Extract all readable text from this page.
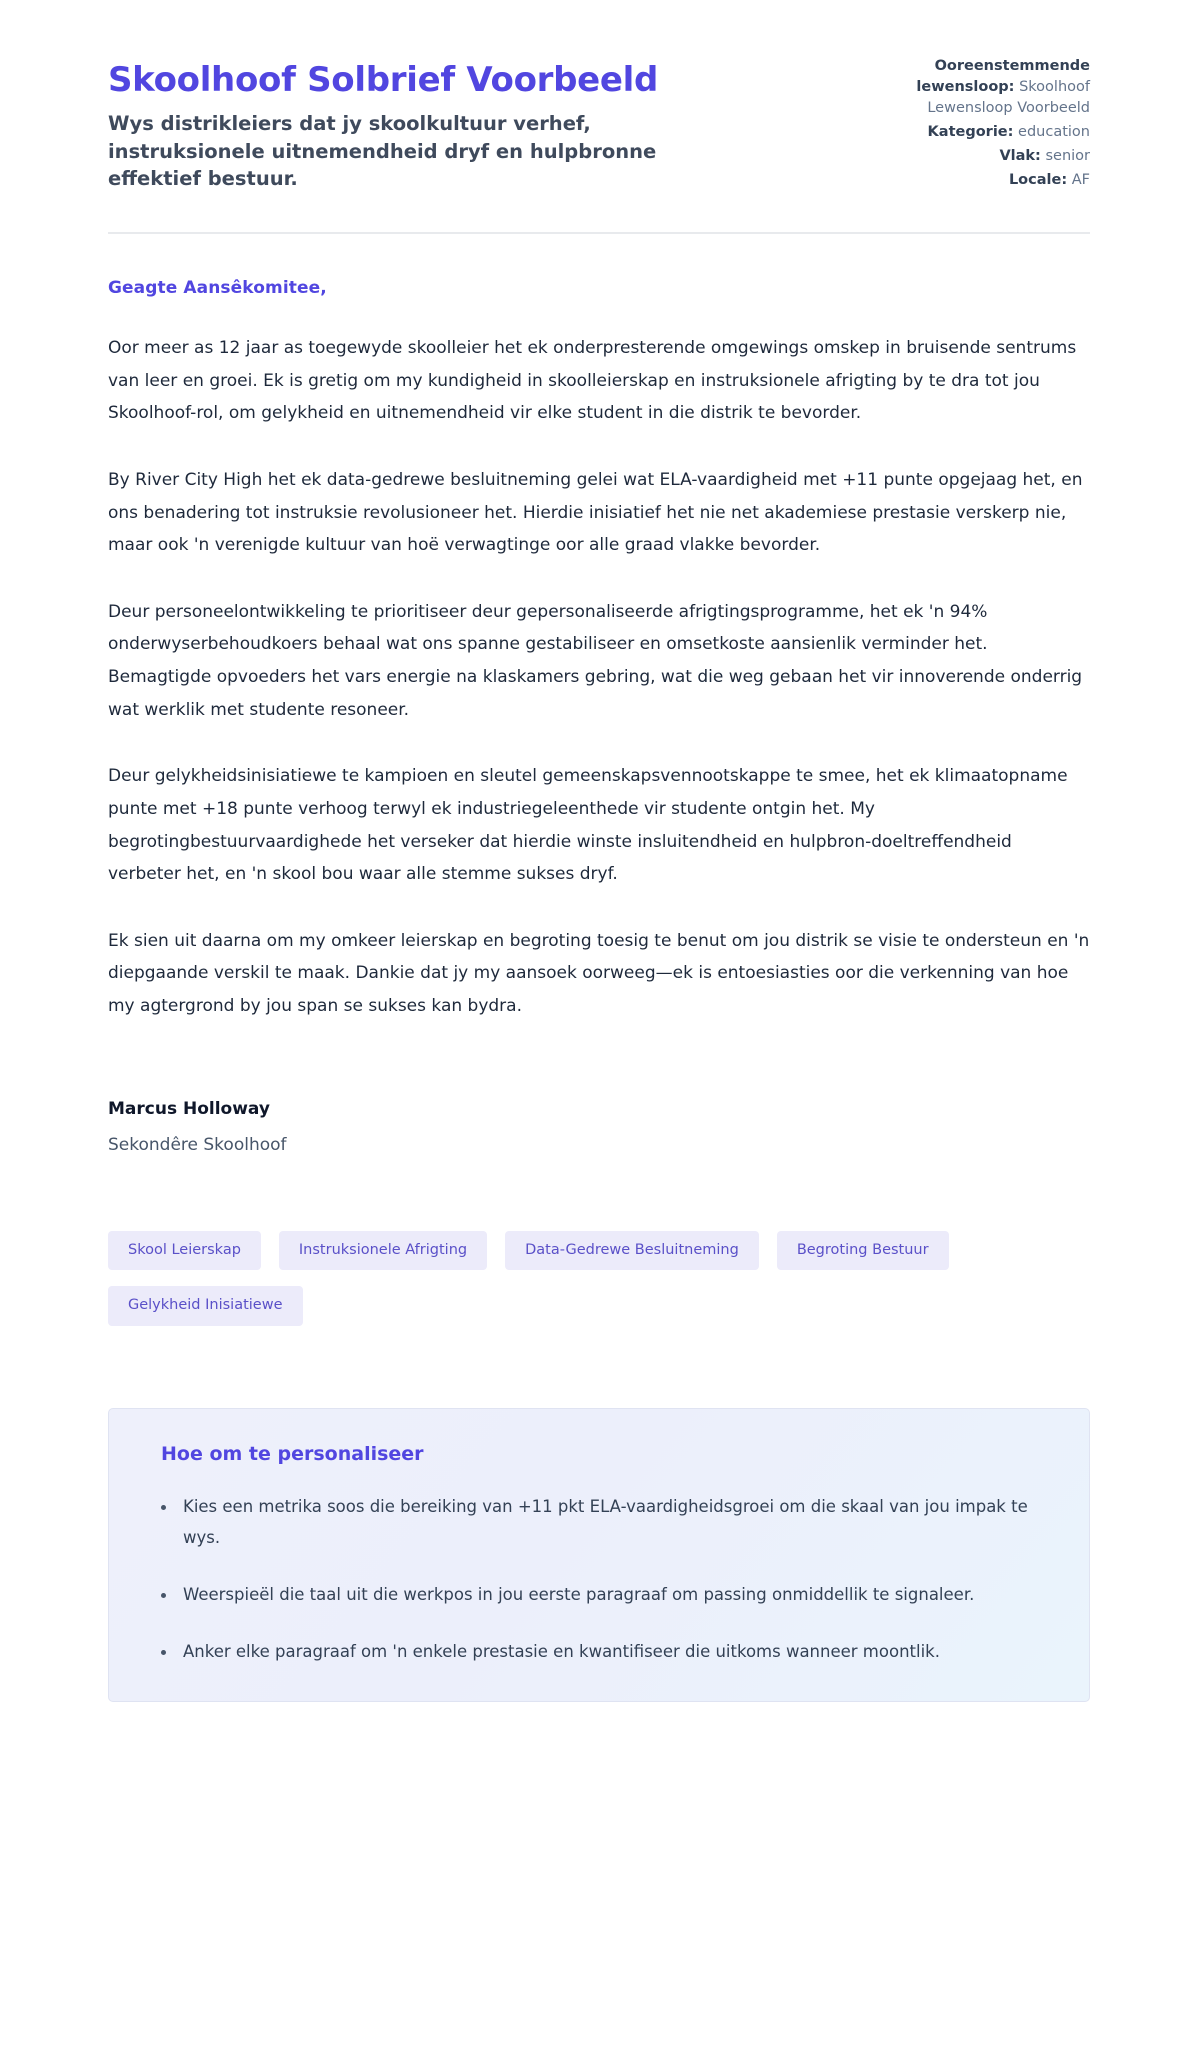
Skoolhoof Solbrief Voorbeeld

Wys distrikleiers dat jy skoolkultuur verhef, instruksionele uitnemendheid dryf en hulpbronne effektief bestuur.

Ooreenstemmende lewensloop: Skoolhoof Lewensloop Voorbeeld
Kategorie: education
Vlak: senior
Locale: AF

Geagte Aansêkomitee,

Oor meer as 12 jaar as toegewyde skoolleier het ek onderpresterende omgewings omskep in bruisende sentrums van leer en groei. Ek is gretig om my kundigheid in skoolleierskap en instruksionele afrigting by te dra tot jou Skoolhoof-rol, om gelykheid en uitnemendheid vir elke student in die distrik te bevorder.

By River City High het ek data-gedrewe besluitneming gelei wat ELA-vaardigheid met +11 punte opgejaag het, en ons benadering tot instruksie revolusioneer het. Hierdie inisiatief het nie net akademiese prestasie verskerp nie, maar ook 'n verenigde kultuur van hoë verwagtinge oor alle graad vlakke bevorder.

Deur personeelontwikkeling te prioritiseer deur gepersonaliseerde afrigtingsprogramme, het ek 'n 94% onderwyserbehoudkoers behaal wat ons spanne gestabiliseer en omsetkoste aansienlik verminder het. Bemagtigde opvoeders het vars energie na klaskamers gebring, wat die weg gebaan het vir innoverende onderrig wat werklik met studente resoneer.

Deur gelykheidsinisiatiewe te kampioen en sleutel gemeenskapsvennootskappe te smee, het ek klimaatopname punte met +18 punte verhoog terwyl ek industriegeleenthede vir studente ontgin het. My begrotingbestuurvaardighede het verseker dat hierdie winste insluitendheid en hulpbron-doeltreffendheid verbeter het, en 'n skool bou waar alle stemme sukses dryf.

Ek sien uit daarna om my omkeer leierskap en begroting toesig te benut om jou distrik se visie te ondersteun en 'n diepgaande verskil te maak. Dankie dat jy my aansoek oorweeg—ek is entoesiasties oor die verkenning van hoe my agtergrond by jou span se sukses kan bydra.

Marcus Holloway

Sekondêre Skoolhoof

Skool Leierskap	Instruksionele Afrigting	Data-Gedrewe Besluitneming	Begroting Bestuur
Gelykheid Inisiatiewe
Hoe om te personaliseer
Kies een metrika soos die bereiking van +11 pkt ELA-vaardigheidsgroei om die skaal van jou impak te wys.
Weerspieël die taal uit die werkpos in jou eerste paragraaf om passing onmiddellik te signaleer.
Anker elke paragraaf om 'n enkele prestasie en kwantifiseer die uitkoms wanneer moontlik.
